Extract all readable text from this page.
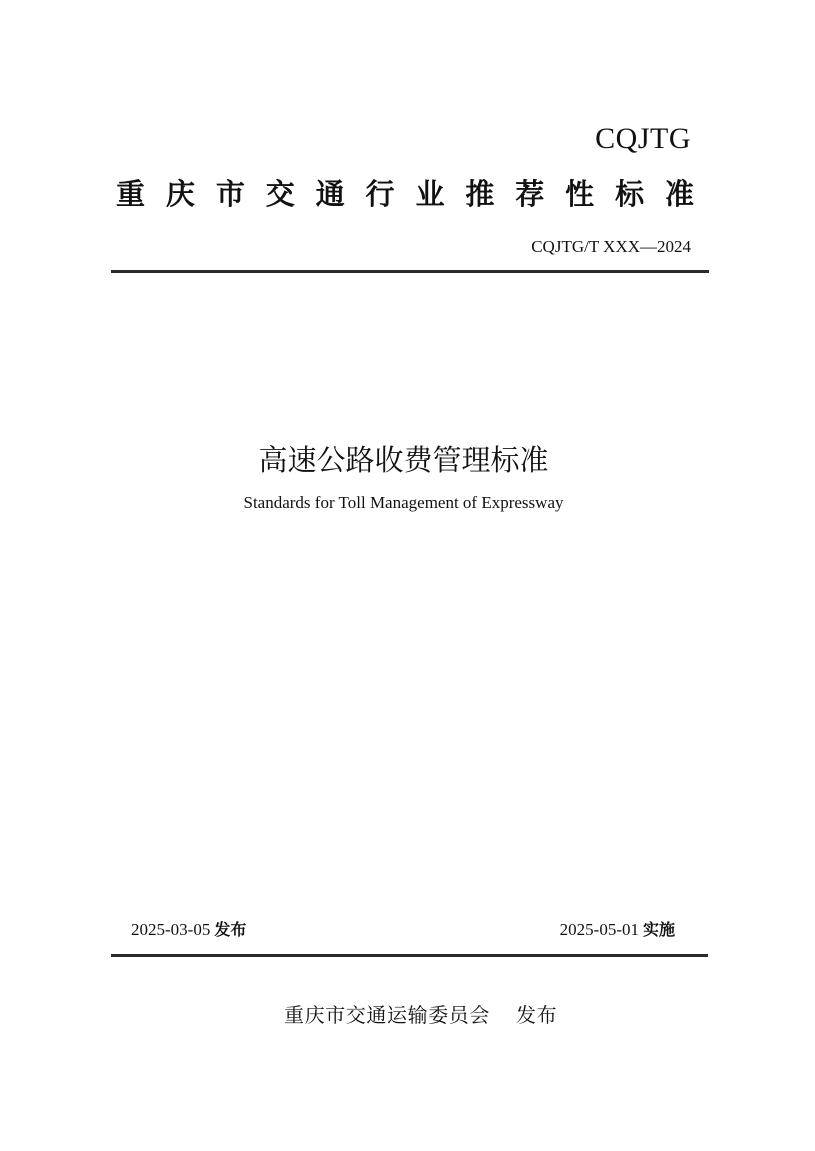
CQJTG
重 庆 市 交 通 行 业 推 荐 性 标 准
CQJTG/T XXX—2024
高速公路收费管理标准
Standards for Toll Management of Expressway
2025-03-05 发布	2025-05-01 实施
重庆市交通运输委员会 发布
